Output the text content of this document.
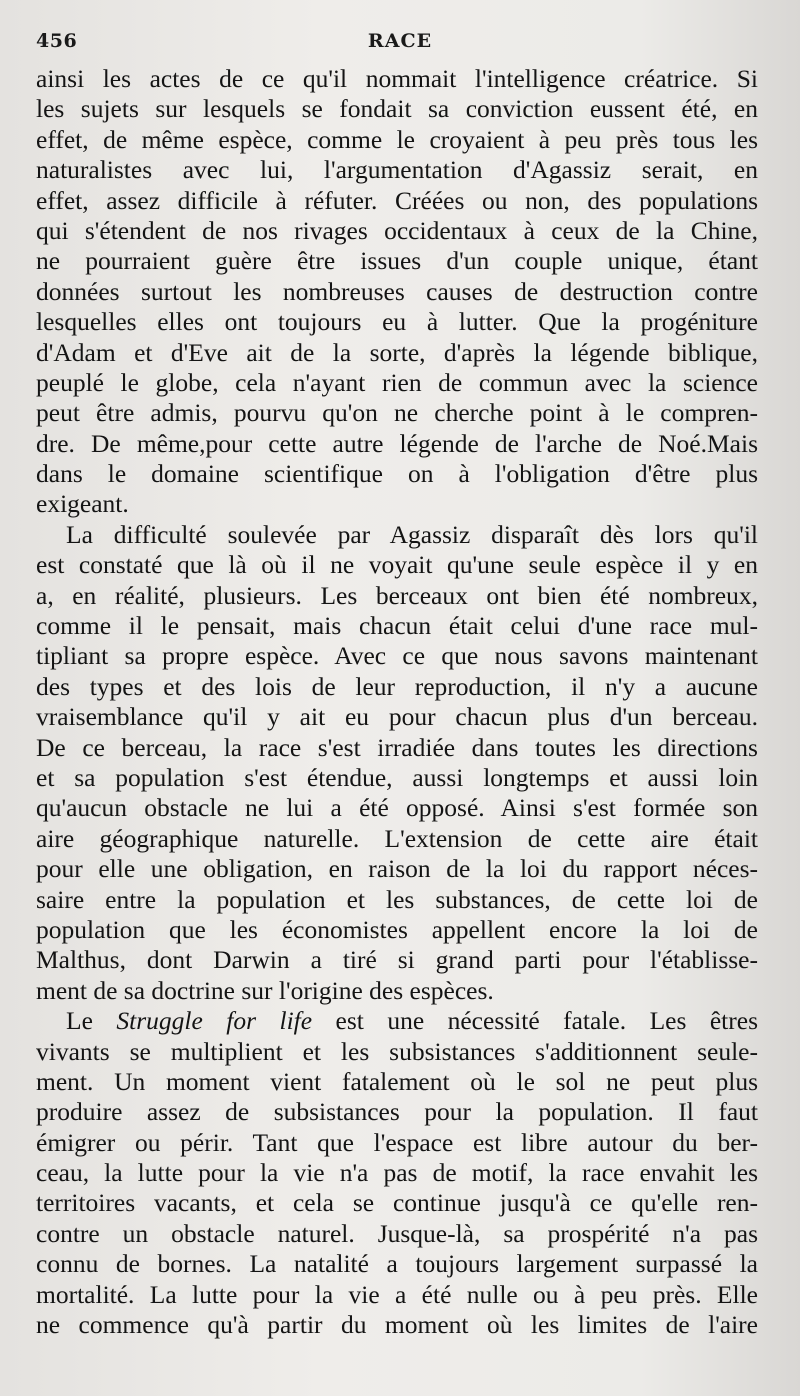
456	RACE
ainsi les actes de ce qu'il nommait l'intelligence créatrice. Si
les sujets sur lesquels se fondait sa conviction eussent été, en
effet, de même espèce, comme le croyaient à peu près tous les
naturalistes avec lui, l'argumentation d'Agassiz serait, en
effet, assez difficile à réfuter. Créées ou non, des populations
qui s'étendent de nos rivages occidentaux à ceux de la Chine,
ne pourraient guère être issues d'un couple unique, étant
données surtout les nombreuses causes de destruction contre
lesquelles elles ont toujours eu à lutter. Que la progéniture
d'Adam et d'Eve ait de la sorte, d'après la légende biblique,
peuplé le globe, cela n'ayant rien de commun avec la science
peut être admis, pourvu qu'on ne cherche point à le compren-
dre. De même,pour cette autre légende de l'arche de Noé.Mais
dans le domaine scientifique on à l'obligation d'être plus
exigeant.
La difficulté soulevée par Agassiz disparaît dès lors qu'il
est constaté que là où il ne voyait qu'une seule espèce il y en
a, en réalité, plusieurs. Les berceaux ont bien été nombreux,
comme il le pensait, mais chacun était celui d'une race mul-
tipliant sa propre espèce. Avec ce que nous savons maintenant
des types et des lois de leur reproduction, il n'y a aucune
vraisemblance qu'il y ait eu pour chacun plus d'un berceau.
De ce berceau, la race s'est irradiée dans toutes les directions
et sa population s'est étendue, aussi longtemps et aussi loin
qu'aucun obstacle ne lui a été opposé. Ainsi s'est formée son
aire géographique naturelle. L'extension de cette aire était
pour elle une obligation, en raison de la loi du rapport néces-
saire entre la population et les substances, de cette loi de
population que les économistes appellent encore la loi de
Malthus, dont Darwin a tiré si grand parti pour l'établisse-
ment de sa doctrine sur l'origine des espèces.
Le Struggle for life est une nécessité fatale. Les êtres
vivants se multiplient et les subsistances s'additionnent seule-
ment. Un moment vient fatalement où le sol ne peut plus
produire assez de subsistances pour la population. Il faut
émigrer ou périr. Tant que l'espace est libre autour du ber-
ceau, la lutte pour la vie n'a pas de motif, la race envahit les
territoires vacants, et cela se continue jusqu'à ce qu'elle ren-
contre un obstacle naturel. Jusque-là, sa prospérité n'a pas
connu de bornes. La natalité a toujours largement surpassé la
mortalité. La lutte pour la vie a été nulle ou à peu près. Elle
ne commence qu'à partir du moment où les limites de l'aire
